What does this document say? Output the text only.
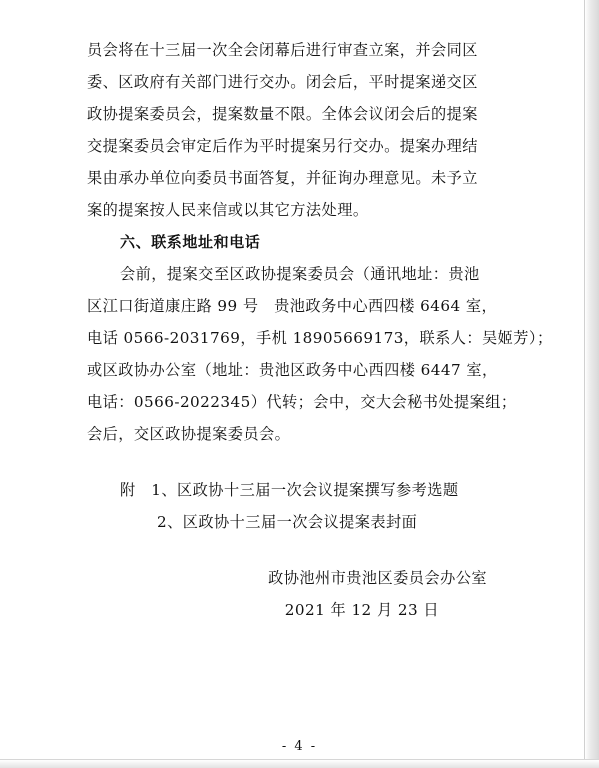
员会将在十三届一次全会闭幕后进行审查立案，并会同区
委、区政府有关部门进行交办。闭会后，平时提案递交区
政协提案委员会，提案数量不限。全体会议闭会后的提案
交提案委员会审定后作为平时提案另行交办。提案办理结
果由承办单位向委员书面答复，并征询办理意见。未予立
案的提案按人民来信或以其它方法处理。
六、联系地址和电话
会前，提案交至区政协提案委员会（通讯地址：贵池
区江口街道康庄路 99 号　贵池政务中心西四楼 6464 室，
电话 0566-2031769，手机 18905669173，联系人：吴姬芳）；
或区政协办公室（地址：贵池区政务中心西四楼 6447 室，
电话：0566-2022345）代转；会中，交大会秘书处提案组；
会后，交区政协提案委员会。
附　1、区政协十三届一次会议提案撰写参考选题
2、区政协十三届一次会议提案表封面
政协池州市贵池区委员会办公室
2021 年 12 月 23 日
- 4 -
